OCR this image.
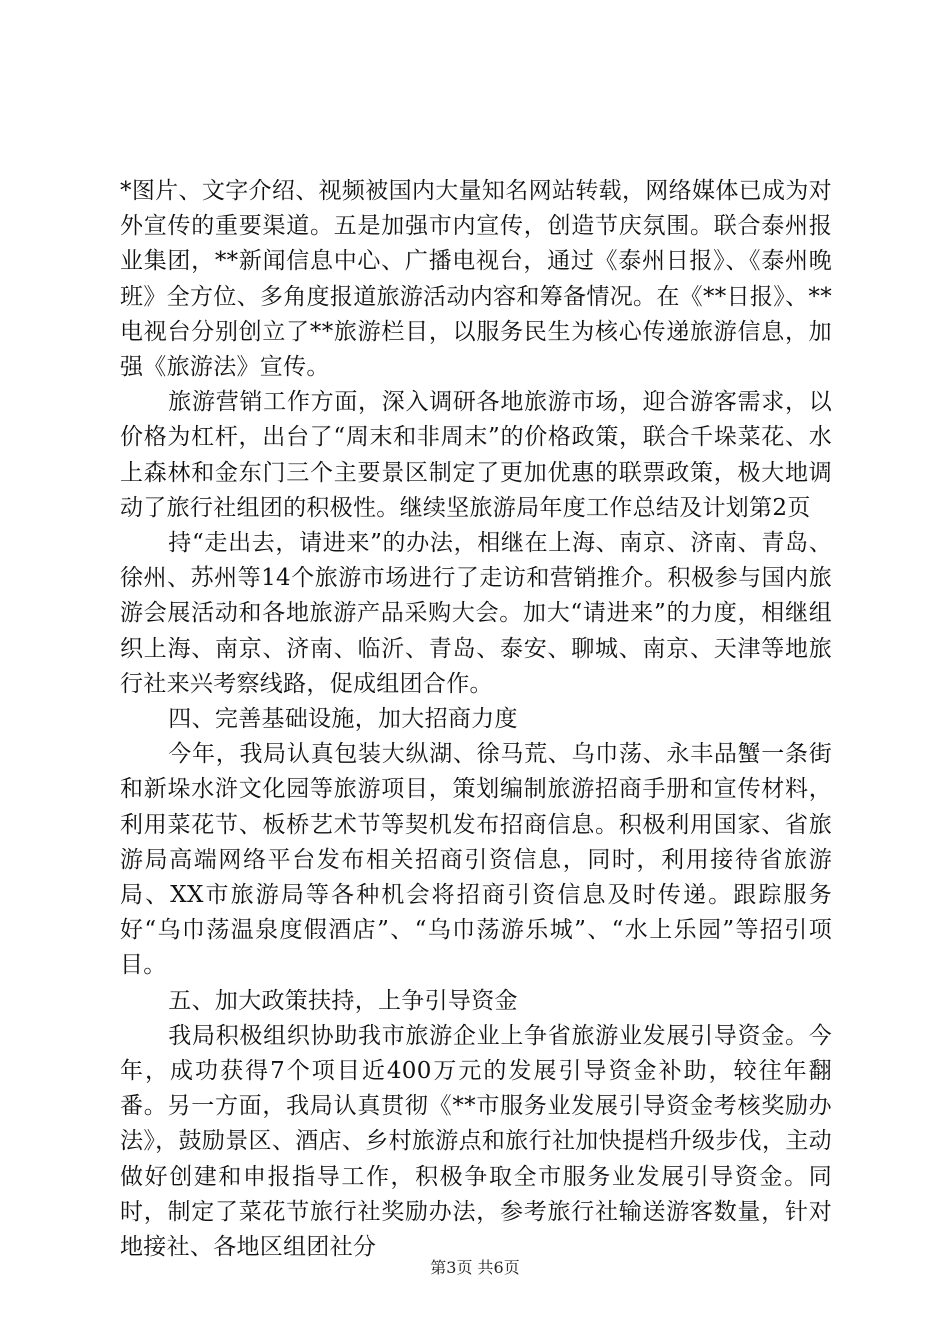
*图片、文字介绍、视频被国内大量知名网站转载，网络媒体已成为对外宣传的重要渠道。五是加强市内宣传，创造节庆氛围。联合泰州报业集团，**新闻信息中心、广播电视台，通过《泰州日报》、《泰州晚班》全方位、多角度报道旅游活动内容和筹备情况。在《**日报》、**电视台分别创立了**旅游栏目，以服务民生为核心传递旅游信息，加强《旅游法》宣传。

旅游营销工作方面，深入调研各地旅游市场，迎合游客需求，以价格为杠杆，出台了“周末和非周末”的价格政策，联合千垛菜花、水上森林和金东门三个主要景区制定了更加优惠的联票政策，极大地调动了旅行社组团的积极性。继续坚旅游局年度工作总结及计划第2页

持“走出去，请进来”的办法，相继在上海、南京、济南、青岛、徐州、苏州等14个旅游市场进行了走访和营销推介。积极参与国内旅游会展活动和各地旅游产品采购大会。加大“请进来”的力度，相继组织上海、南京、济南、临沂、青岛、泰安、聊城、南京、天津等地旅行社来兴考察线路，促成组团合作。

四、完善基础设施，加大招商力度

今年，我局认真包装大纵湖、徐马荒、乌巾荡、永丰品蟹一条街和新垛水浒文化园等旅游项目，策划编制旅游招商手册和宣传材料，利用菜花节、板桥艺术节等契机发布招商信息。积极利用国家、省旅游局高端网络平台发布相关招商引资信息，同时，利用接待省旅游局、XX市旅游局等各种机会将招商引资信息及时传递。跟踪服务好“乌巾荡温泉度假酒店”、“乌巾荡游乐城”、“水上乐园”等招引项目。

五、加大政策扶持，上争引导资金

我局积极组织协助我市旅游企业上争省旅游业发展引导资金。今年，成功获得7个项目近400万元的发展引导资金补助，较往年翻番。另一方面，我局认真贯彻《**市服务业发展引导资金考核奖励办法》，鼓励景区、酒店、乡村旅游点和旅行社加快提档升级步伐，主动做好创建和申报指导工作，积极争取全市服务业发展引导资金。同时，制定了菜花节旅行社奖励办法，参考旅行社输送游客数量，针对地接社、各地区组团社分

第3页 共6页
